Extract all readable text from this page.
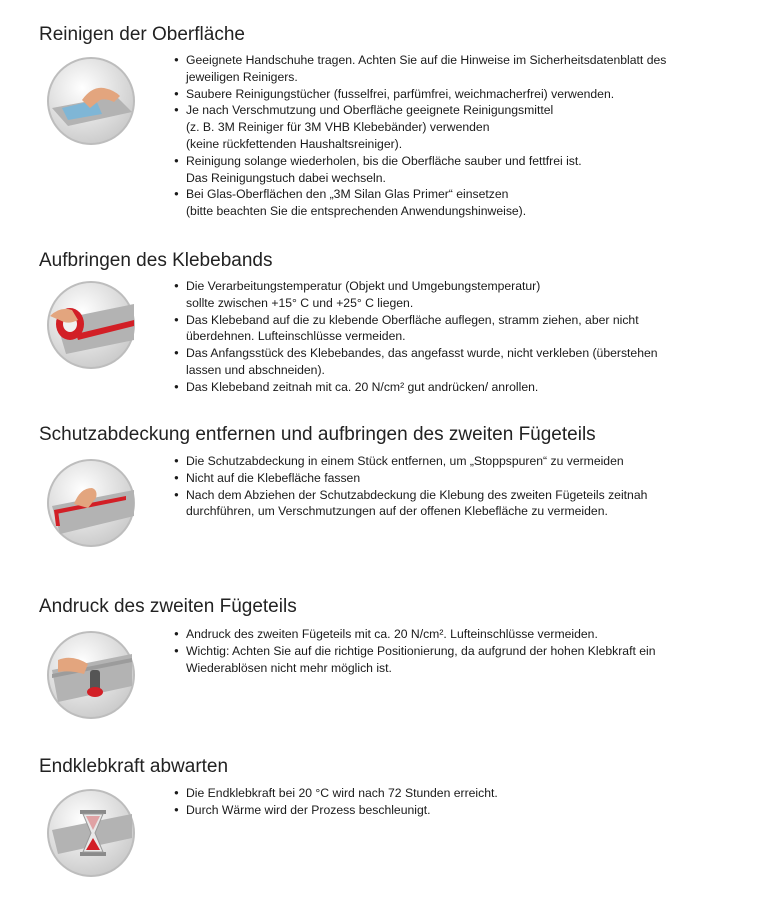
Reinigen der Oberfläche
● Geeignete Handschuhe tragen. Achten Sie auf die Hinweise im Sicherheitsdatenblatt des
jeweiligen Reinigers.
● Saubere Reinigungstücher (fusselfrei, parfümfrei, weichmacherfrei) verwenden.
● Je nach Verschmutzung und Oberfläche geeignete Reinigungsmittel
(z. B. 3M Reiniger für 3M VHB Klebebänder) verwenden
(keine rückfettenden Haushaltsreiniger).
● Reinigung solange wiederholen, bis die Oberfläche sauber und fettfrei ist.
Das Reinigungstuch dabei wechseln.
● Bei Glas-Oberflächen den „3M Silan Glas Primer“ einsetzen
(bitte beachten Sie die entsprechenden Anwendungshinweise).
Aufbringen des Klebebands
● Die Verarbeitungstemperatur (Objekt und Umgebungstemperatur)
sollte zwischen +15° C und +25° C liegen.
● Das Klebeband auf die zu klebende Oberfläche auflegen, stramm ziehen, aber nicht
überdehnen. Lufteinschlüsse vermeiden.
● Das Anfangsstück des Klebebandes, das angefasst wurde, nicht verkleben (überstehen
lassen und abschneiden).
● Das Klebeband zeitnah mit ca. 20 N/cm² gut andrücken/ anrollen.
Schutzabdeckung entfernen und aufbringen des zweiten Fügeteils
● Die Schutzabdeckung in einem Stück entfernen, um „Stoppspuren“ zu vermeiden
● Nicht auf die Klebefläche fassen
● Nach dem Abziehen der Schutzabdeckung die Klebung des zweiten Fügeteils zeitnah
durchführen, um Verschmutzungen auf der offenen Klebefläche zu vermeiden.
Andruck des zweiten Fügeteils
● Andruck des zweiten Fügeteils mit ca. 20 N/cm². Lufteinschlüsse vermeiden.
● Wichtig: Achten Sie auf die richtige Positionierung, da aufgrund der hohen Klebkraft ein
Wiederablösen nicht mehr möglich ist.
Endklebkraft abwarten
● Die Endklebkraft bei 20 °C wird nach 72 Stunden erreicht.
● Durch Wärme wird der Prozess beschleunigt.
